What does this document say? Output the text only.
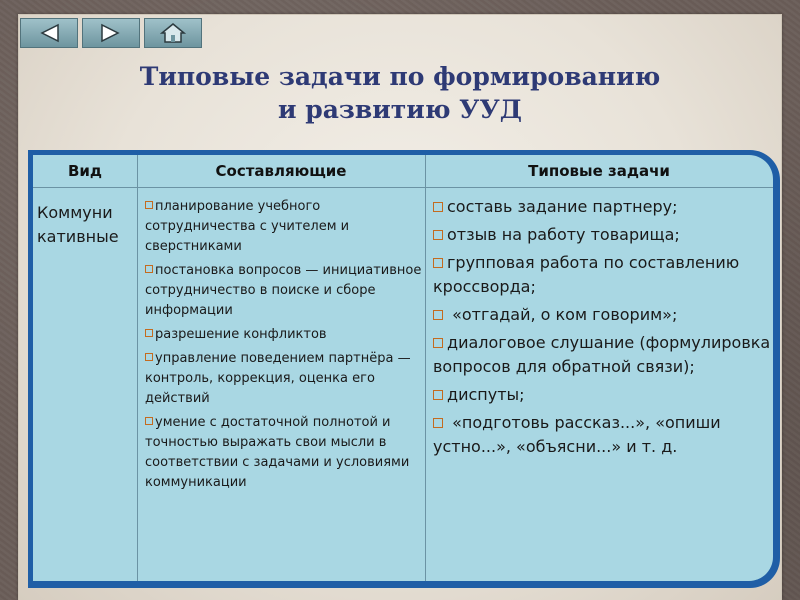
Типовые задачи по формированию
и развитию УУД
Вид	Составляющие	Типовые задачи
Коммуни
кативные
планирование учебного сотрудничества с учителем и сверстниками
постановка вопросов — инициативное сотрудничество в поиске и сборе информации
разрешение конфликтов
управление поведением партнёра — контроль, коррекция, оценка его действий
умение с достаточной полнотой и точностью выражать свои мысли в соответствии с задачами и условиями коммуникации
составь задание партнеру;
отзыв на работу товарища;
групповая работа по составлению кроссворда;
«отгадай, о ком говорим»;
диалоговое слушание (формулировка вопросов для обратной связи);
диспуты;
«подготовь рассказ...», «опиши устно...», «объясни...» и т. д.
